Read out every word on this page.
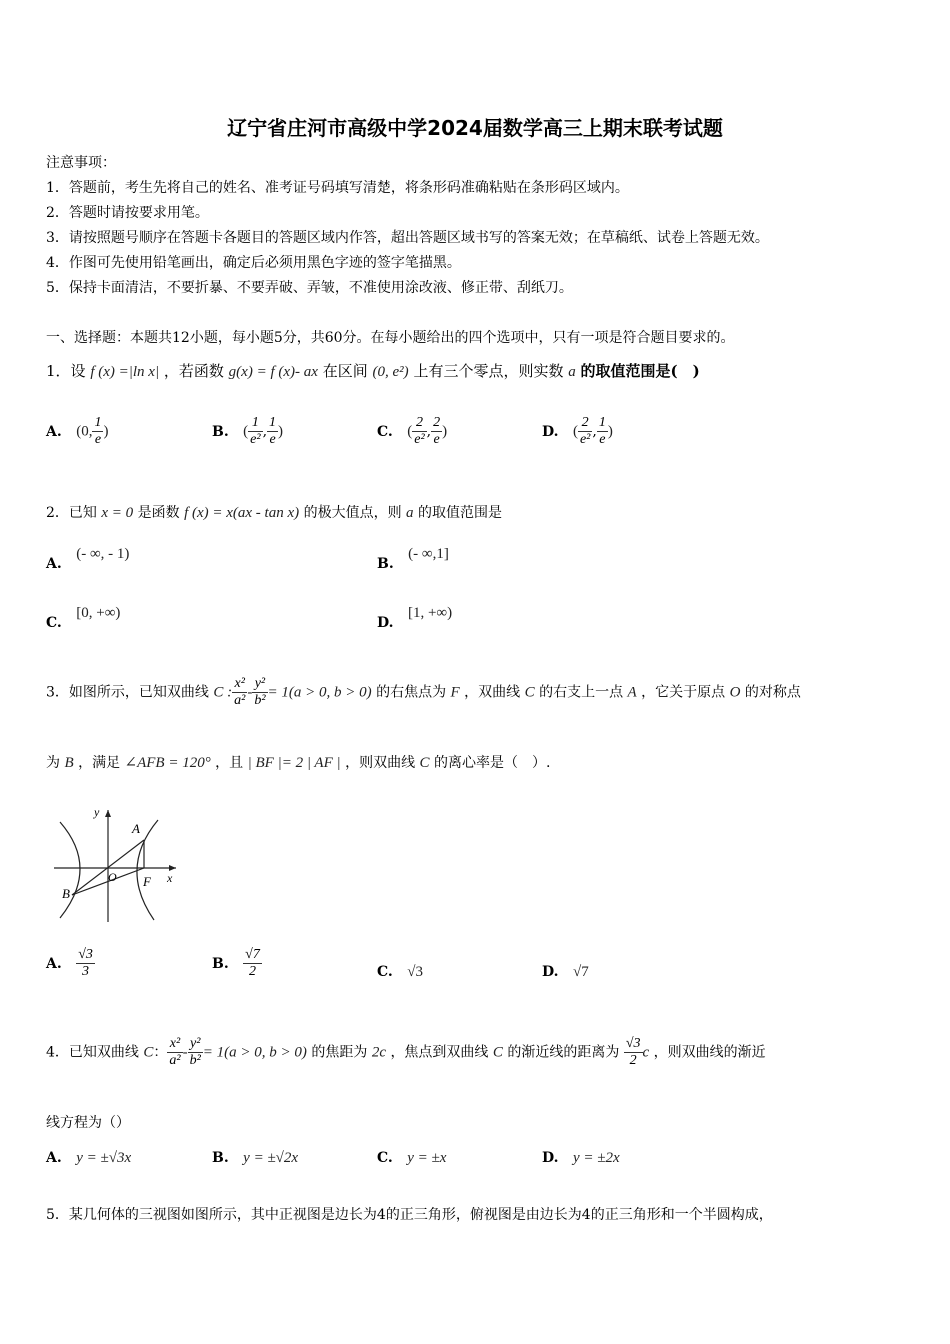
辽宁省庄河市高级中学2024届数学高三上期末联考试题
注意事项：
1．答题前，考生先将自己的姓名、准考证号码填写清楚，将条形码准确粘贴在条形码区域内。
2．答题时请按要求用笔。
3．请按照题号顺序在答题卡各题目的答题区域内作答，超出答题区域书写的答案无效；在草稿纸、试卷上答题无效。
4．作图可先使用铅笔画出，确定后必须用黑色字迹的签字笔描黑。
5．保持卡面清洁，不要折暴、不要弄破、弄皱，不准使用涂改液、修正带、刮纸刀。
一、选择题：本题共12小题，每小题5分，共60分。在每小题给出的四个选项中，只有一项是符合题目要求的。
1．设 f (x) =|ln x| ，若函数 g(x) = f (x)- ax 在区间 (0, e²) 上有三个零点，则实数 a 的取值范围是(　)
A. (0, $\frac{1}{e}$ )	B. ( $\frac{1}{\text{e²}}$ , $\frac{1}{e}$ )	C. ( $\frac{2}{\text{e²}}$ , $\frac{2}{e}$ )	D. ( $\frac{2}{\text{e²}}$ , $\frac{1}{e}$ )
2．已知 x = 0 是函数 f (x) = x(ax - tan x) 的极大值点，则 a 的取值范围是
A. (- ∞, - 1)
B. (- ∞,1]
C. [0, +∞)
D. [1, +∞)
3．如图所示，已知双曲线 C : $\frac{\text{x²}}{\text{a²}} - \frac{\text{y²}}{\text{b²}} = 1(a > 0$, b > 0) 的右焦点为 F ，双曲线 C 的右支上一点 A ，它关于原点 O 的对称点
为 B ，满足 ∠AFB = 120° ，且 | BF |= 2 | AF | ，则双曲线 C 的离心率是（　）.
y
x
A
B
O F
A. $\frac{√3}{3}$	B. $\frac{√7}{2}$	C. √3	D. √7
4．已知双曲线 C： $\frac{\text{x²}}{\text{a²}} - \frac{\text{y²}}{\text{b²}} = 1(a > 0$, b > 0) 的焦距为 2c ，焦点到双曲线 C 的渐近线的距离为 $\frac{√3}{2}$ c ，则双曲线的渐近
线方程为（）
A. y = ±√3x	B. y = ±√2x	C. y = ±x	D. y = ±2x
5．某几何体的三视图如图所示，其中正视图是边长为4的正三角形，俯视图是由边长为4的正三角形和一个半圆构成，
